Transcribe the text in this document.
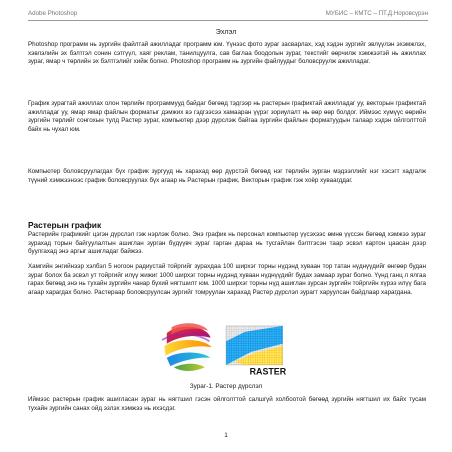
Adobe Photoshop	МУБИС – КМТС – ПТ.Д.Норовсүрэн
Эхлэл

Photoshop программ нь зургийн файлтай ажилладаг программ юм. Үүнээс фото зураг засварлах, хэд хэдэн зургийг эвлүүлэн эхэмжлэх, хэвлэлийн эх бэлтгэл сонин сэтгүүл, хаяг реклам, танилцуулга, сав баглаа боодолын зураг, текстийг өөрчилж хэмжээтэй нь ажиллах зураг, ямар ч төрлийн эх бэлтгэлийг хийж болно. Photoshop программ нь зургийн файлуудыг боловсруулж ажилладаг.

График зурагтай ажиллах олон төрлийн программууд байдаг бөгөөд тэдгээр нь растерын графиктай ажилладаг уу, векторын графиктай ажилладаг уу, ямар ямар файлын форматыг дэмжих вэ гэдгээсээ хамааран үүрэг зориулалт нь өөр өөр болдог. Иймээс хүмүүс өөрийн зургийн төрлийг сонгохын тулд Растер зураг, компьютер дээр дүрслэж байгаа зургийн файлын форматуудын талаар хэдэн ойлголттой байх нь чухал юм.

Компьютер боловсруулагдах бүх график зургууд нь харахад өөр дүрстэй бөгөөд нэг төрлийн зурган мэдээллийг нэг хэсэгт хадгалж түүний хэмжээнээс график боловсруулах бүх агаар нь Растерын график, Векторын график гэж хоёр хуваагддаг.

Растерын график

Растерийн графикийг цэгэн дүрслэл гэж нэрлэж болно. Энэ график нь персонал компьютер үүсэхээс өмнө үүссэн бөгөөд хэмжээ зураг зурахад торын байгуулалтын ашиглан зурган бүдүүвч зураг гарган дараа нь тусгайлан бэлтгэсэн таар эсвэл картон цаасан дээр буулгахад энэ аргыг ашигладаг байжээ.

RASTER
Зураг-1. Растер дүрслэл

Иймээс растерын график ашигласан зураг нь нягтшил гэсэн ойлголттой салшгүй холбоотой бөгөөд зургийн нягтшил их байх тусам тухайн зургийн санах ойд эзлэх хэмжээ нь ихэсдэг.

1

Хамгийн энгийнээр хэлбэл 5 ногоон радиустай тойргийг зурахдаа 100 ширхэг торны нүдэнд хуваан тор татан нүднүүдийг өнгөөр будан зураг болох ба эсвэл ут тойргийг илүү жижиг 1000 ширхэг торны нүдэнд хуваан нүднүүдийг будах замаар зураг болно. Үүнд ганц л ялгаа гарах бөгөөд энэ нь тухайн зургийн чанар бүхий нягтшилт юм. 1000 ширхэг торны нүд ашиглан зурсан зургийн тойргийн хүрээ илүү бага агаар харагдах болно. Растераар боловсруулсан зургийг томруулан харахад Растер дүрслэл зурагт харуулсан байдлаар харагдана.
